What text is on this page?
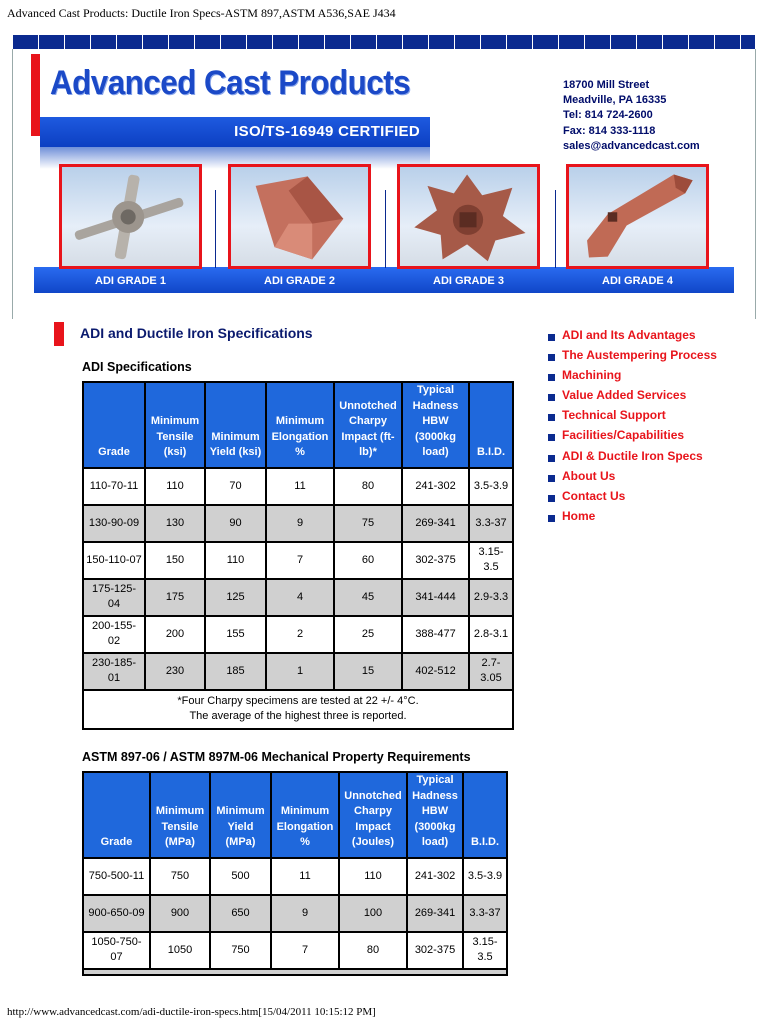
Advanced Cast Products: Ductile Iron Specs-ASTM 897,ASTM A536,SAE J434
Advanced Cast Products
ISO/TS-16949 CERTIFIED
18700 Mill Street
Meadville, PA 16335
Tel: 814 724-2600
Fax: 814 333-1118
sales@advancedcast.com
ADI GRADE 1	ADI GRADE 2	ADI GRADE 3	ADI GRADE 4
ADI and Ductile Iron Specifications
ADI Specifications
Grade	Minimum Tensile (ksi)	Minimum Yield (ksi)	Minimum Elongation %	Unnotched Charpy Impact (ft-lb)*	Typical Hadness HBW (3000kg load)	B.I.D.
110-70-11	110	70	11	80	241-302	3.5-3.9
130-90-09	130	90	9	75	269-341	3.3-37
150-110-07	150	110	7	60	302-375	3.15-3.5
175-125-04	175	125	4	45	341-444	2.9-3.3
200-155-02	200	155	2	25	388-477	2.8-3.1
230-185-01	230	185	1	15	402-512	2.7-3.05

*Four Charpy specimens are tested at 22 +/- 4°C.
The average of the highest three is reported.						
ASTM 897-06 / ASTM 897M-06 Mechanical Property Requirements
Grade	Minimum Tensile (MPa)	Minimum Yield (MPa)	Minimum Elongation %	Unnotched Charpy Impact (Joules)	Typical Hadness HBW (3000kg load)	B.I.D.
750-500-11	750	500	11	110	241-302	3.5-3.9
900-650-09	900	650	9	100	269-341	3.3-37
1050-750-07	1050	750	7	80	302-375	3.15-3.5

ADI and Its Advantages
The Austempering Process
Machining
Value Added Services
Technical Support
Facilities/Capabilities
ADI & Ductile Iron Specs
About Us
Contact Us
Home
http://www.advancedcast.com/adi-ductile-iron-specs.htm[15/04/2011 10:15:12 PM]
